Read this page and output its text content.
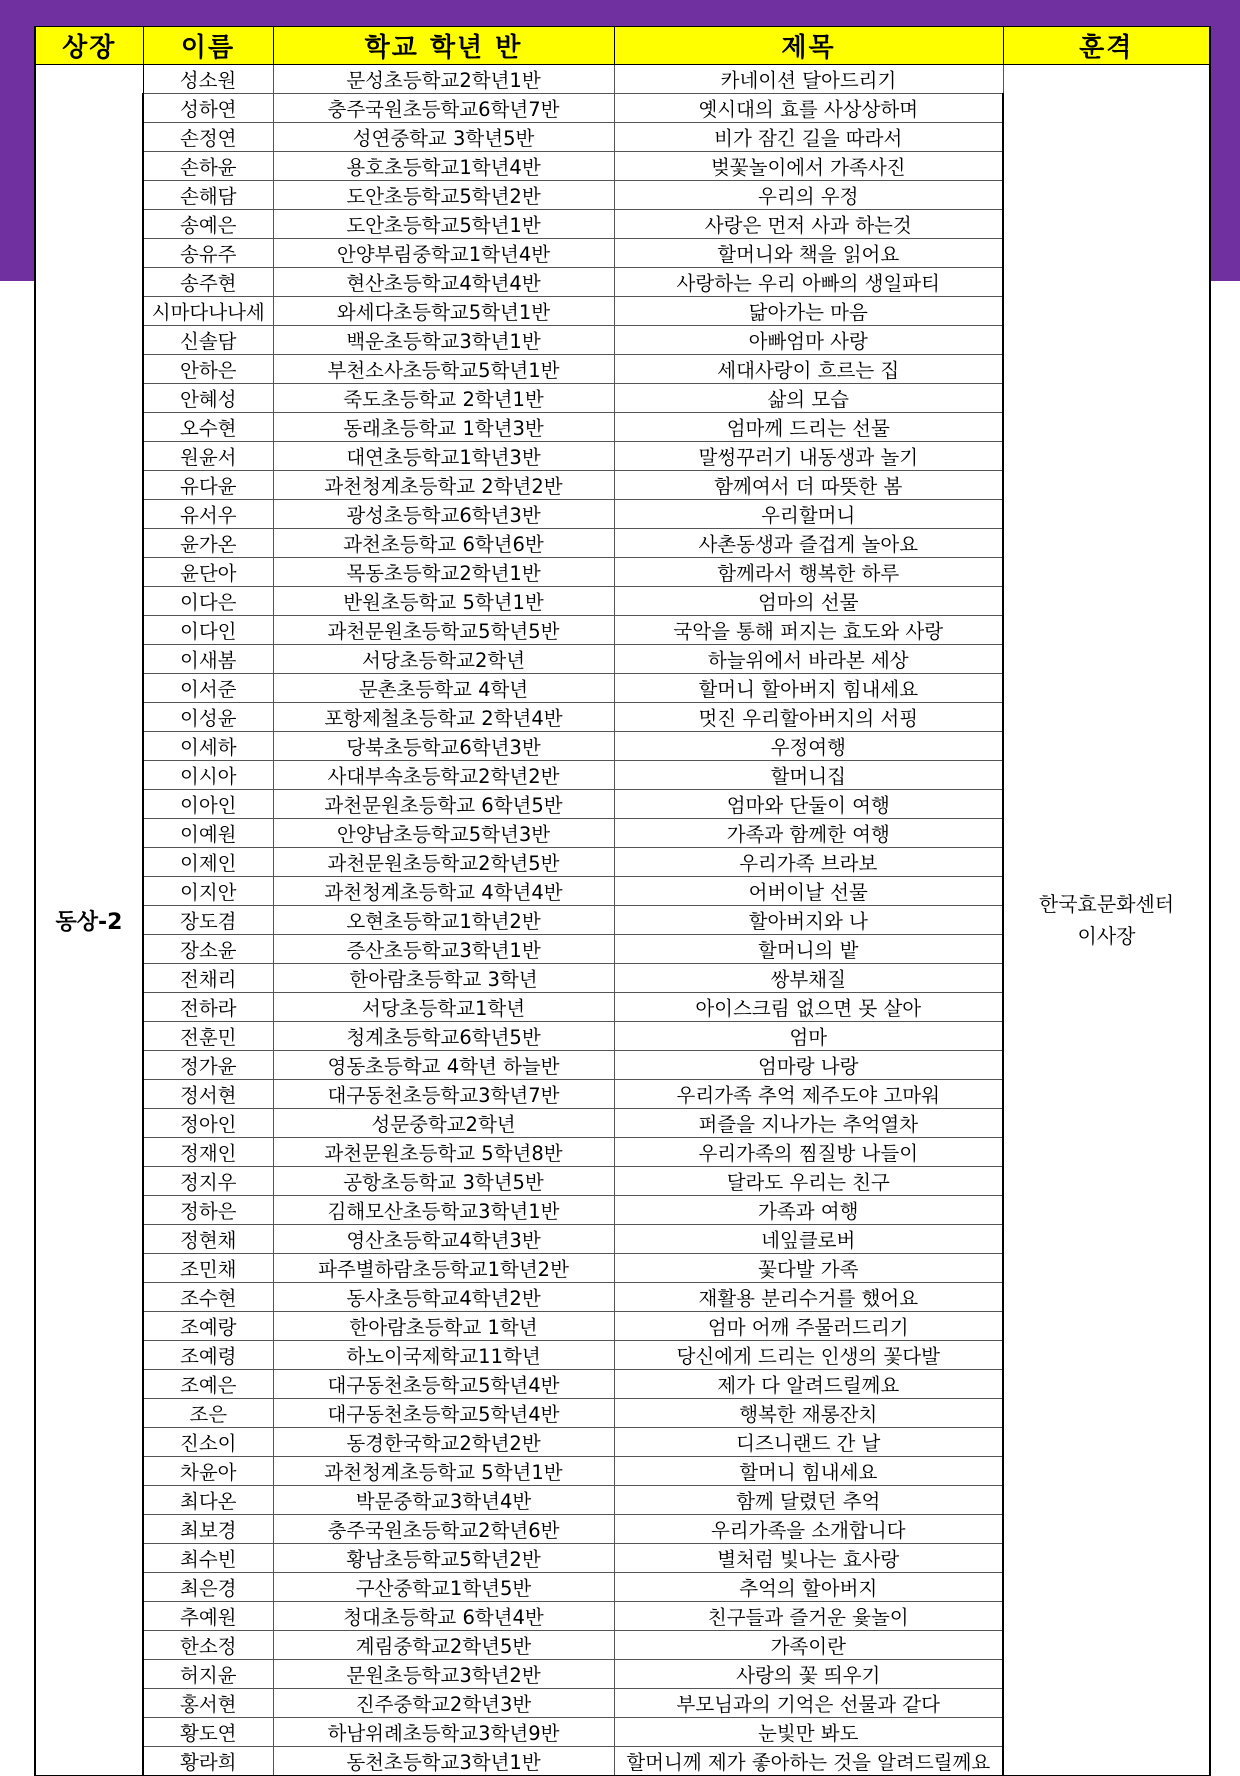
상장	이름	학교 학년 반	제목	훈격
동상-2	성소원	문성초등학교2학년1반	카네이션 달아드리기	한국효문화센터
이사장

	성하연	충주국원초등학교6학년7반	옛시대의 효를 사상상하며	
	손정연	성연중학교 3학년5반	비가 잠긴 길을 따라서	
	손하윤	용호초등학교1학년4반	벚꽃놀이에서 가족사진	
	손해담	도안초등학교5학년2반	우리의 우정	
	송예은	도안초등학교5학년1반	사랑은 먼저 사과 하는것	
	송유주	안양부림중학교1학년4반	할머니와 책을 읽어요	
	송주현	현산초등학교4학년4반	사랑하는 우리 아빠의 생일파티	
	시마다나나세	와세다초등학교5학년1반	닮아가는 마음	
	신솔담	백운초등학교3학년1반	아빠엄마 사랑	
	안하은	부천소사초등학교5학년1반	세대사랑이 흐르는 집	
	안혜성	죽도초등학교 2학년1반	삶의 모습	
	오수현	동래초등학교 1학년3반	엄마께 드리는 선물	
	원윤서	대연초등학교1학년3반	말썽꾸러기 내동생과 놀기	
	유다윤	과천청계초등학교 2학년2반	함께여서 더 따뜻한 봄	
	유서우	광성초등학교6학년3반	우리할머니	
	윤가온	과천초등학교 6학년6반	사촌동생과 즐겁게 놀아요	
	윤단아	목동초등학교2학년1반	함께라서 행복한 하루	
	이다은	반원초등학교 5학년1반	엄마의 선물	
	이다인	과천문원초등학교5학년5반	국악을 통해 퍼지는 효도와 사랑	
	이새봄	서당초등학교2학년	하늘위에서 바라본 세상	
	이서준	문촌초등학교 4학년	할머니 할아버지 힘내세요	
	이성윤	포항제철초등학교 2학년4반	멋진 우리할아버지의 서핑	
	이세하	당북초등학교6학년3반	우정여행	
	이시아	사대부속초등학교2학년2반	할머니집	
	이아인	과천문원초등학교 6학년5반	엄마와 단둘이 여행	
	이예원	안양남초등학교5학년3반	가족과 함께한 여행	
	이제인	과천문원초등학교2학년5반	우리가족 브라보	
	이지안	과천청계초등학교 4학년4반	어버이날 선물	
	장도겸	오현초등학교1학년2반	할아버지와 나	
	장소윤	증산초등학교3학년1반	할머니의 밭	
	전채리	한아람초등학교 3학년	쌍부채질	
	전하라	서당초등학교1학년	아이스크림 없으면 못 살아	
	전훈민	청계초등학교6학년5반	엄마	
	정가윤	영동초등학교 4학년 하늘반	엄마랑 나랑	
	정서현	대구동천초등학교3학년7반	우리가족 추억 제주도야 고마워	
	정아인	성문중학교2학년	퍼즐을 지나가는 추억열차	
	정재인	과천문원초등학교 5학년8반	우리가족의 찜질방 나들이	
	정지우	공항초등학교 3학년5반	달라도 우리는 친구	
	정하은	김해모산초등학교3학년1반	가족과 여행	
	정현채	영산초등학교4학년3반	네잎클로버	
	조민채	파주별하람초등학교1학년2반	꽃다발 가족	
	조수현	동사초등학교4학년2반	재활용 분리수거를 했어요	
	조예랑	한아람초등학교 1학년	엄마 어깨 주물러드리기	
	조예령	하노이국제학교11학년	당신에게 드리는 인생의 꽃다발	
	조예은	대구동천초등학교5학년4반	제가 다 알려드릴께요	
	조은	대구동천초등학교5학년4반	행복한 재롱잔치	
	진소이	동경한국학교2학년2반	디즈니랜드 간 날	
	차윤아	과천청계초등학교 5학년1반	할머니 힘내세요	
	최다온	박문중학교3학년4반	함께 달렸던 추억	
	최보경	충주국원초등학교2학년6반	우리가족을 소개합니다	
	최수빈	황남초등학교5학년2반	별처럼 빛나는 효사랑	
	최은경	구산중학교1학년5반	추억의 할아버지	
	추예원	청대초등학교 6학년4반	친구들과 즐거운 윷놀이	
	한소정	계림중학교2학년5반	가족이란	
	허지윤	문원초등학교3학년2반	사랑의 꽃 띄우기	
	홍서현	진주중학교2학년3반	부모님과의 기억은 선물과 같다	
	황도연	하남위례초등학교3학년9반	눈빛만 봐도	
	황라희	동천초등학교3학년1반	할머니께 제가 좋아하는 것을 알려드릴께요	
